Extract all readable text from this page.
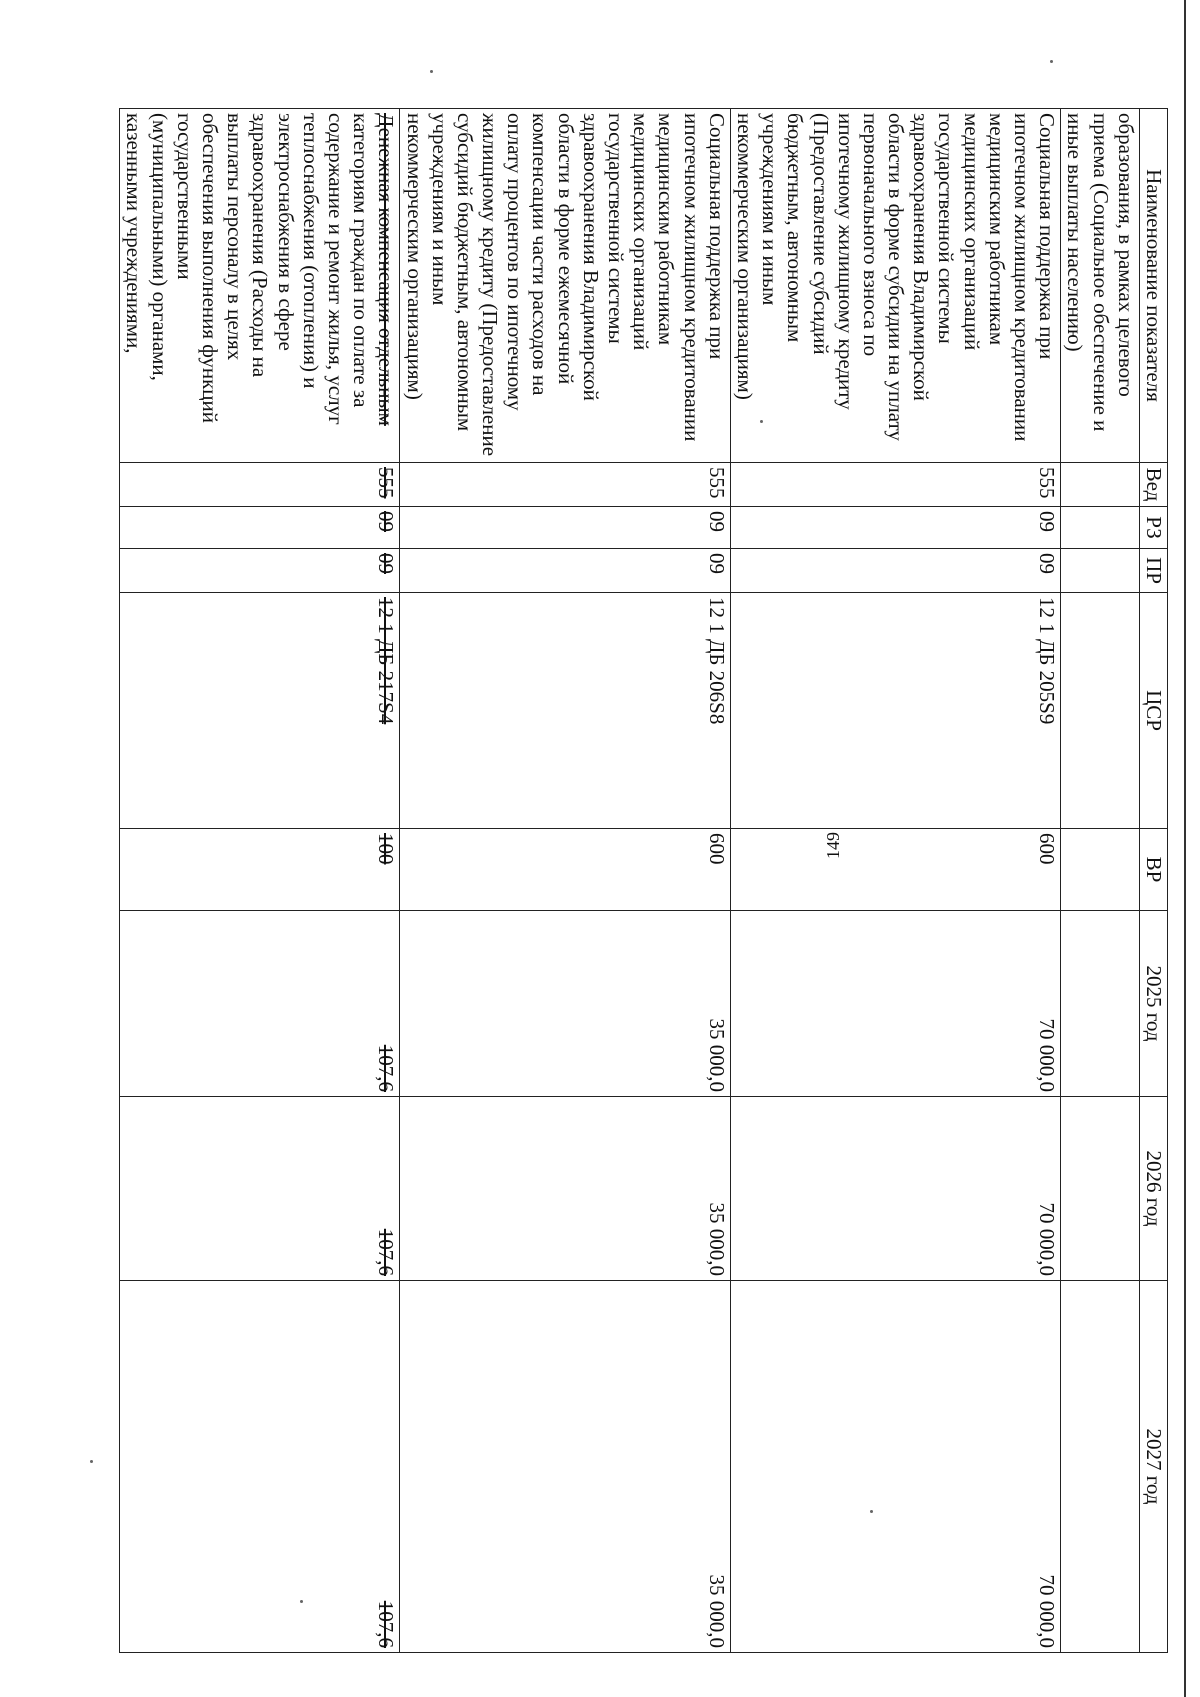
149
Наименование показателя	Вед	РЗ	ПР	ЦСР	ВР	2025 год	2026 год	2027 год
образования, в рамках целевого приема (Социальное обеспечение и иные выплаты населению)								
Социальная поддержка при ипотечном жилищном кредитовании медицинским работникам медицинских организаций государственной системы здравоохранения Владимирской области в форме субсидии на уплату первоначального взноса по ипотечному жилищному кредиту (Предоставление субсидий бюджетным, автономным учреждениям и иным некоммерческим организациям)	555	09	09	12 1 ДБ 205S9	600	70 000,0	70 000,0	70 000,0
Социальная поддержка при ипотечном жилищном кредитовании медицинским работникам медицинских организаций государственной системы здравоохранения Владимирской области в форме ежемесячной компенсации части расходов на оплату процентов по ипотечному жилищному кредиту (Предоставление субсидий бюджетным, автономным учреждениям и иным некоммерческим организациям)	555	09	09	12 1 ДБ 206S8	600	35 000,0	35 000,0	35 000,0
Денежная компенсация отдельным категориям граждан по оплате за содержание и ремонт жилья, услуг теплоснабжения (отопления) и электроснабжения в сфере здравоохранения (Расходы на выплаты персоналу в целях обеспечения выполнения функций государственными (муниципальными) органами, казенными учреждениями,	555	09	09	12 1 ДБ 217S4	100	107,6	107,6	107,6
